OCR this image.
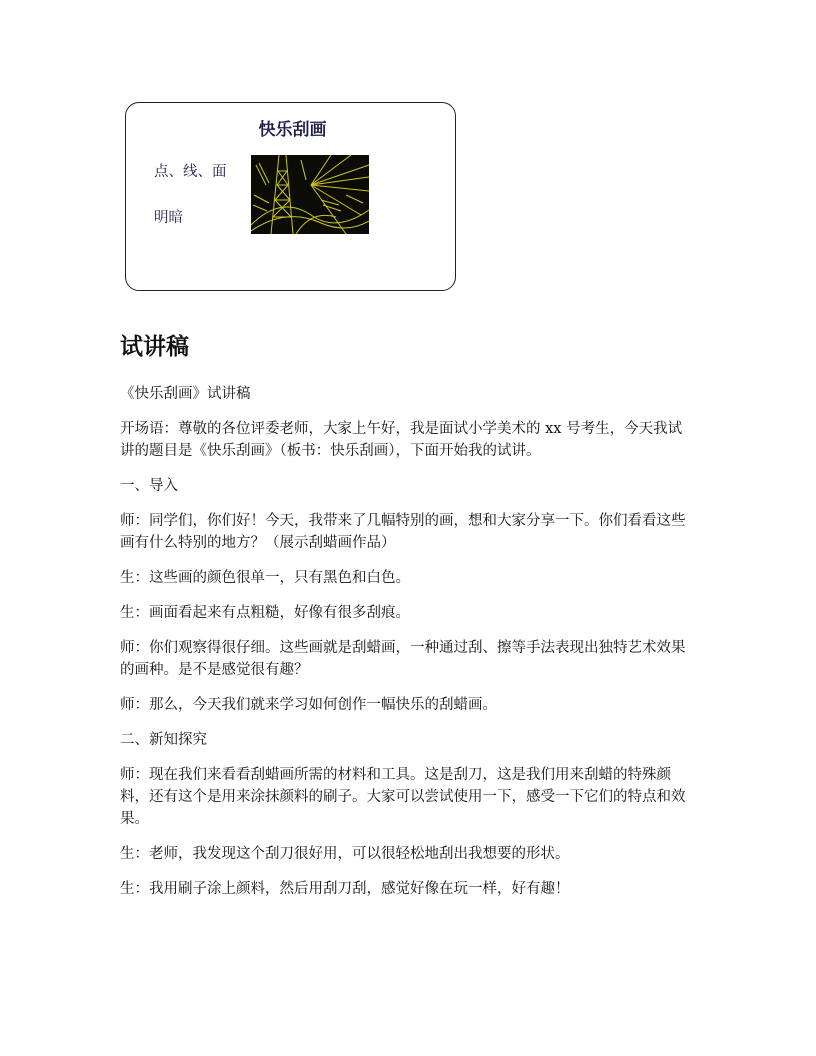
快乐刮画
点、线、面
明暗
试讲稿

《快乐刮画》试讲稿

开场语：尊敬的各位评委老师，大家上午好，我是面试小学美术的 xx 号考生，今天我试讲的题目是《快乐刮画》（板书：快乐刮画），下面开始我的试讲。

一、导入

师：同学们，你们好！今天，我带来了几幅特别的画，想和大家分享一下。你们看看这些画有什么特别的地方？（展示刮蜡画作品）

生：这些画的颜色很单一，只有黑色和白色。

生：画面看起来有点粗糙，好像有很多刮痕。

师：你们观察得很仔细。这些画就是刮蜡画，一种通过刮、擦等手法表现出独特艺术效果的画种。是不是感觉很有趣？

师：那么，今天我们就来学习如何创作一幅快乐的刮蜡画。

二、新知探究

师：现在我们来看看刮蜡画所需的材料和工具。这是刮刀，这是我们用来刮蜡的特殊颜料，还有这个是用来涂抹颜料的刷子。大家可以尝试使用一下，感受一下它们的特点和效果。

生：老师，我发现这个刮刀很好用，可以很轻松地刮出我想要的形状。

生：我用刷子涂上颜料，然后用刮刀刮，感觉好像在玩一样，好有趣！
